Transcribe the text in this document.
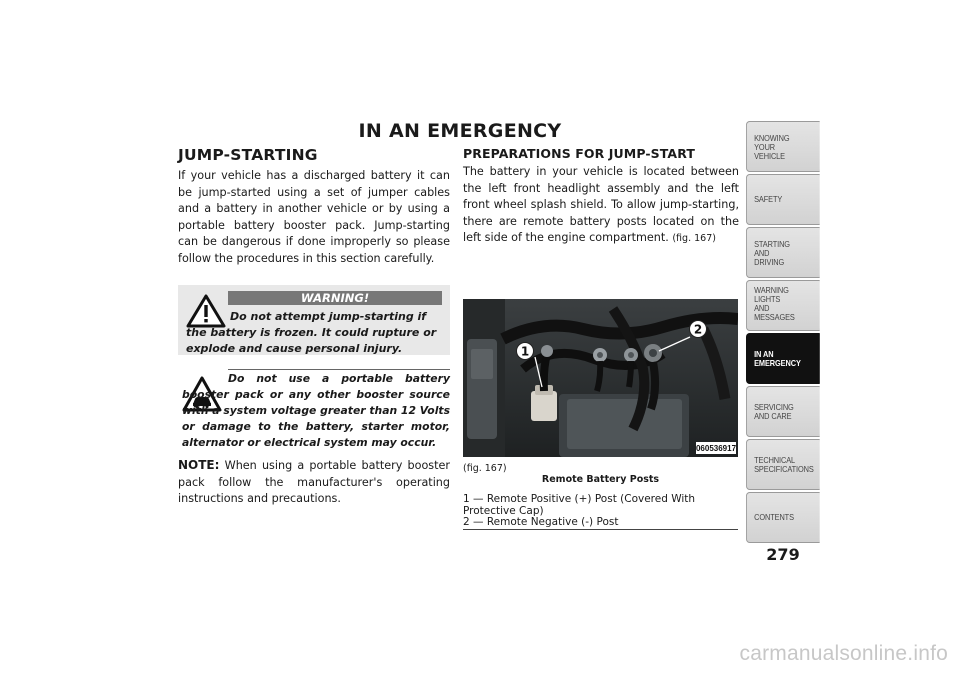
IN AN EMERGENCY
JUMP-STARTING

If your vehicle has a discharged battery it can be jump-started using a set of jumper cables and a battery in another vehicle or by using a portable battery booster pack. Jump-starting can be dangerous if done improperly so please follow the procedures in this section carefully.

WARNING!
Do not attempt jump-starting if the battery is frozen. It could rupture or explode and cause personal injury.
Do not use a portable battery booster pack or any other booster source with a system voltage greater than 12 Volts or damage to the battery, starter motor, alternator or electrical system may occur.

NOTE: When using a portable battery booster pack follow the manufacturer's operating instructions and precautions.

PREPARATIONS FOR JUMP-START

The battery in your vehicle is located between the left front headlight assembly and the left front wheel splash shield. To allow jump-starting, there are remote battery posts located on the left side of the engine compartment. (fig. 167)

1
2
060536917
(fig. 167)
Remote Battery Posts
1 — Remote Positive (+) Post (Covered With Protective Cap)
2 — Remote Negative (-) Post
KNOWING
YOUR
VEHICLE
SAFETY
STARTING
AND
DRIVING
WARNING
LIGHTS
AND
MESSAGES
IN AN
EMERGENCY
SERVICING
AND CARE
TECHNICAL
SPECIFICATIONS
CONTENTS
279
carmanualsonline.info
